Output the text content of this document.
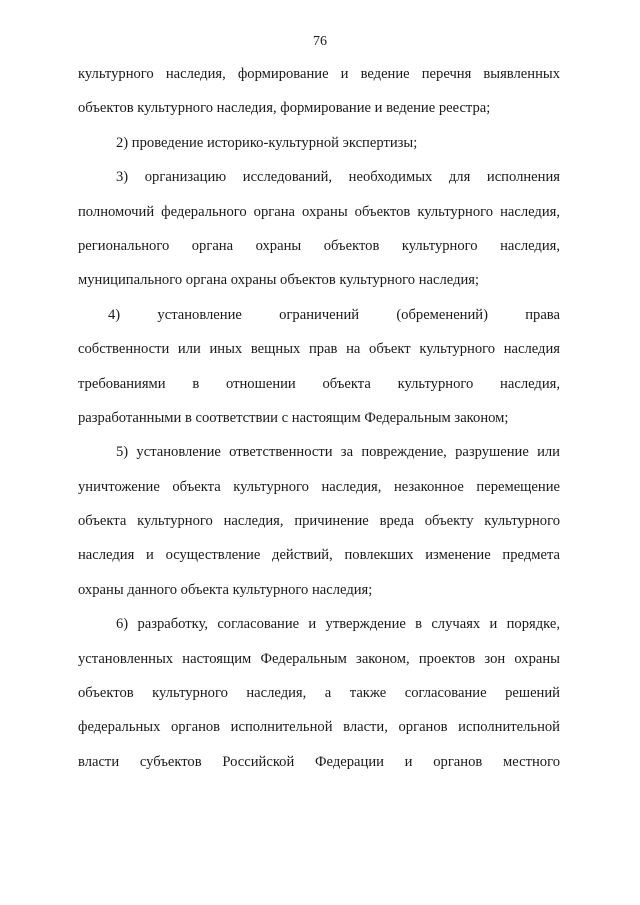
76
культурного наследия, формирование и ведение перечня выявленных
объектов культурного наследия, формирование и ведение реестра;
2) проведение историко-культурной экспертизы;
3) организацию исследований, необходимых для исполнения
полномочий федерального органа охраны объектов культурного наследия,
регионального органа охраны объектов культурного наследия,
муниципального органа охраны объектов культурного наследия;
4) установление ограничений (обременений) права
собственности или иных вещных прав на объект культурного наследия
требованиями в отношении объекта культурного наследия,
разработанными в соответствии с настоящим Федеральным законом;
5) установление ответственности за повреждение, разрушение или
уничтожение объекта культурного наследия, незаконное перемещение
объекта культурного наследия, причинение вреда объекту культурного
наследия и осуществление действий, повлекших изменение предмета
охраны данного объекта культурного наследия;
6) разработку, согласование и утверждение в случаях и порядке,
установленных настоящим Федеральным законом, проектов зон охраны
объектов культурного наследия, а также согласование решений
федеральных органов исполнительной власти, органов исполнительной
власти субъектов Российской Федерации и органов местного
